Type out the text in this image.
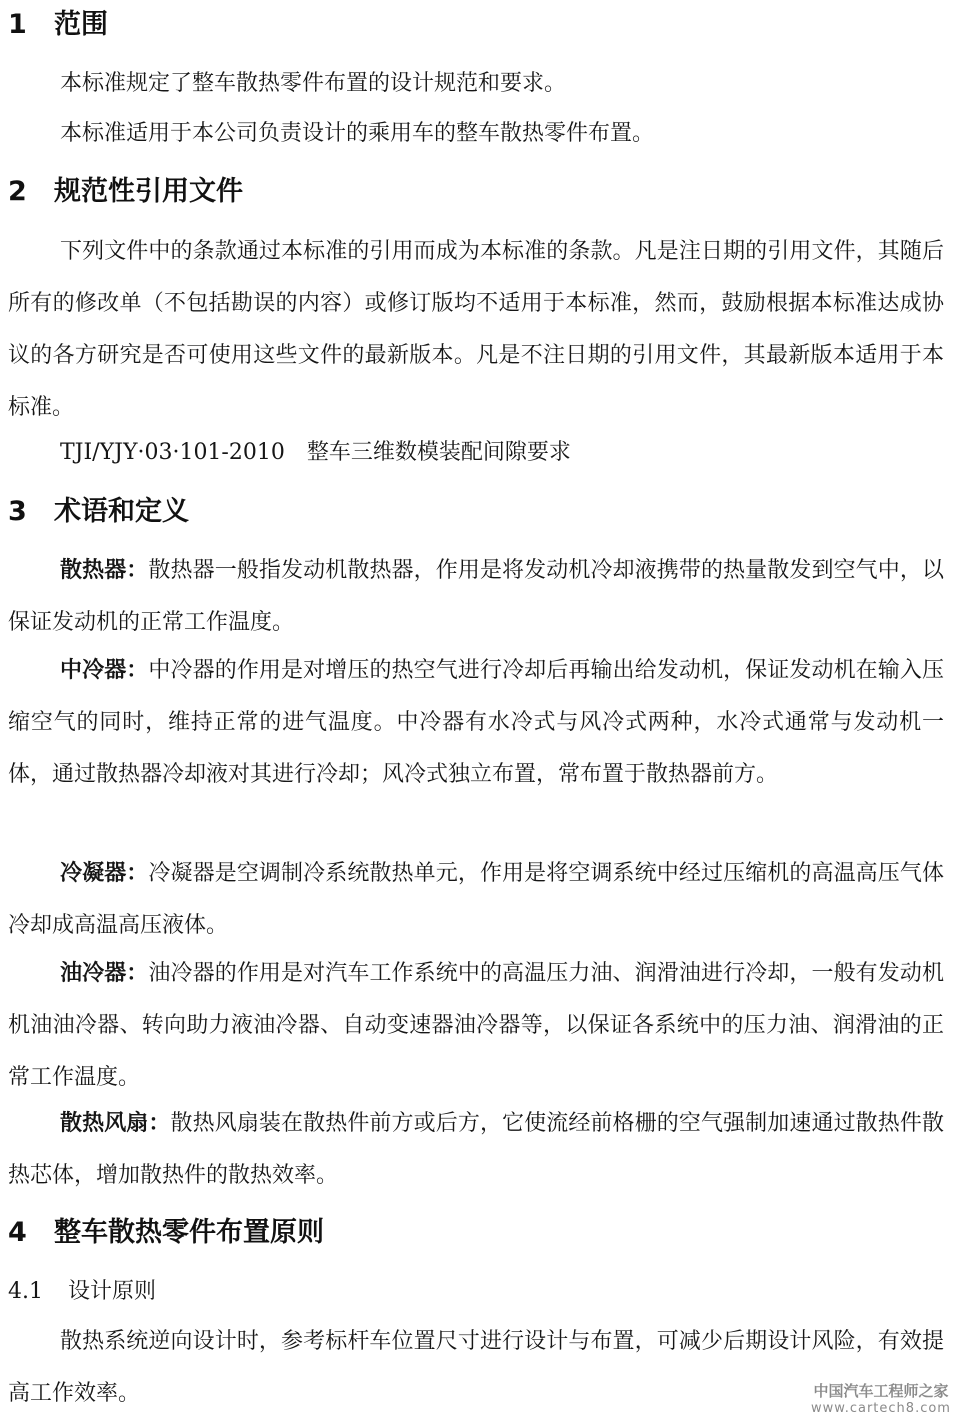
1 范围

本标准规定了整车散热零件布置的设计规范和要求。

本标准适用于本公司负责设计的乘用车的整车散热零件布置。

2 规范性引用文件

下列文件中的条款通过本标准的引用而成为本标准的条款。凡是注日期的引用文件，其随后所有的修改单（不包括勘误的内容）或修订版均不适用于本标准，然而，鼓励根据本标准达成协议的各方研究是否可使用这些文件的最新版本。凡是不注日期的引用文件，其最新版本适用于本标准。

TJI/YJY·03·101-2010 整车三维数模装配间隙要求
3 术语和定义

散热器：散热器一般指发动机散热器，作用是将发动机冷却液携带的热量散发到空气中，以保证发动机的正常工作温度。

中冷器：中冷器的作用是对增压的热空气进行冷却后再输出给发动机，保证发动机在输入压缩空气的同时，维持正常的进气温度。中冷器有水冷式与风冷式两种，水冷式通常与发动机一体，通过散热器冷却液对其进行冷却；风冷式独立布置，常布置于散热器前方。

冷凝器：冷凝器是空调制冷系统散热单元，作用是将空调系统中经过压缩机的高温高压气体冷却成高温高压液体。

油冷器：油冷器的作用是对汽车工作系统中的高温压力油、润滑油进行冷却，一般有发动机机油油冷器、转向助力液油冷器、自动变速器油冷器等，以保证各系统中的压力油、润滑油的正常工作温度。

散热风扇：散热风扇装在散热件前方或后方，它使流经前格栅的空气强制加速通过散热件散热芯体，增加散热件的散热效率。

4 整车散热零件布置原则
4.1 设计原则

散热系统逆向设计时，参考标杆车位置尺寸进行设计与布置，可减少后期设计风险，有效提高工作效率。	中国汽车工程师之家
www.cartech8.com
